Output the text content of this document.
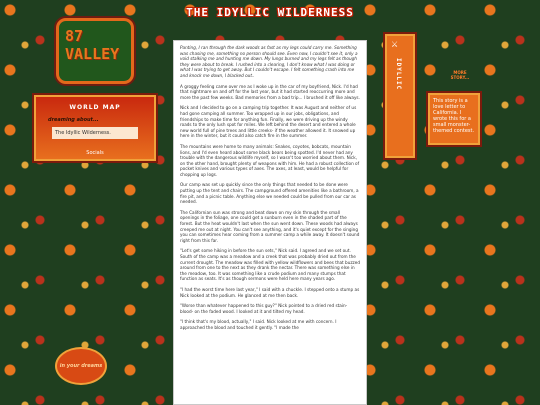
THE IDYLLIC WILDERNESS
87 VALLEY
WORLD MAP
dreaming about...
The Idyllic Wilderness.
Socials
in your dreams

Panting, I ran through the dark woods as fast as my legs could carry me. Something was chasing me, something no person should see. Even now, I couldn't see it, only a void stalking me and hunting me down. My lungs burned and my legs felt as though they were about to break. I rushed into a clearing, I don't know what I was doing or what I was trying to get away. But I couldn't escape. I felt something crash into me and knock me down, I blacked out..

A groggy feeling came over me as I woke up in the car of my boyfriend, Nick. I'd had that nightmare on and off for the last year, but it had started reoccurring more and more the past few weeks. Bad memories from a bad trip... I brushed it off like always.

Nick and I decided to go on a camping trip together. It was August and neither of us had gone camping all summer. Too wrapped up in our jobs, obligations, and friendships to make time for anything fun. Finally, we were driving up the windy roads to the only lush spot for miles. We left behind the desert and entered a whole new world full of pine trees and little creeks- if the weather allowed it. It snowed up here in the winter, but it could also catch fire in the summer.

The mountains were home to many animals: Snakes, coyotes, bobcats, mountain lions, and I'd even heard about some black bears being spotted. I'd never had any trouble with the dangerous wildlife myself, so I wasn't too worried about them. Nick, on the other hand, brought plenty of weapons with him. He had a robust collection of pocket knives and various types of axes. The axes, at least, would be helpful for chopping up logs.

Our camp was set up quickly since the only things that needed to be done were putting up the tent and chairs. The campground offered amenities like a bathroom, a fire pit, and a picnic table. Anything else we needed could be pulled from our car as needed.

The Californian sun was strong and beat down on my skin through the small openings in the foliage, one could get a sunburn even in the shaded part of the forest. But the heat wouldn't last when the sun went down. These woods had always creeped me out at night. You can't see anything, and it's quiet except for the singing you can sometimes hear coming from a summer camp a while away. It doesn't sound right from this far.

"Let's get some hiking in before the sun sets," Nick said. I agreed and we set out. South of the camp was a meadow and a creek that was probably dried out from the current drought. The meadow was filled with yellow wildflowers and bees that buzzed around from one to the next as they drank the nectar. There was something else in the meadow, too. It was something like a crude podium and many stumps that function as seats. It's as though sermons were held here many years ago.

"I had the worst time here last year," I said with a chuckle. I stepped onto a stump as Nick looked at the podium. He glanced at me then back.

"Worse than whatever happened to this guy?" Nick pointed to a dried red stain- blood- on the faded wood. I looked at it and tilted my head.

"I think that's my blood, actually," I said. Nick looked at me with concern. I approached the blood and touched it gently. "I made the

⚔
IDYLLIC	MORE STORY...
This story is a love letter to California. I wrote this for a small monster-themed contest.
